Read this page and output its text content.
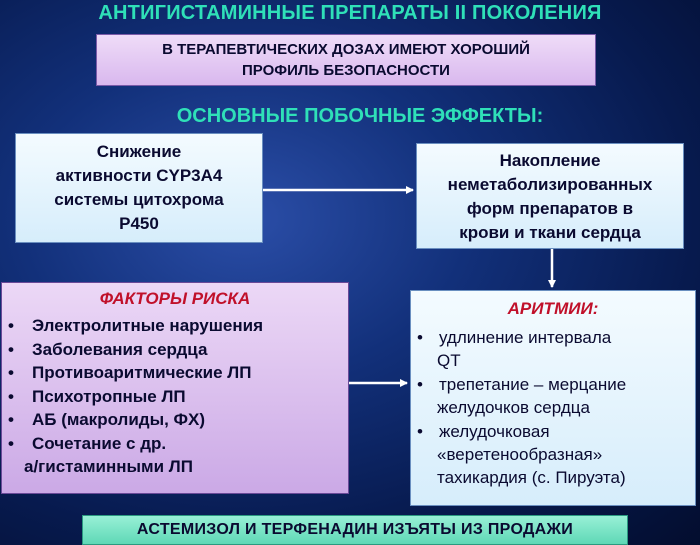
АНТИГИСТАМИННЫЕ ПРЕПАРАТЫ II ПОКОЛЕНИЯ
В ТЕРАПЕВТИЧЕСКИХ ДОЗАХ ИМЕЮТ ХОРОШИЙ
ПРОФИЛЬ БЕЗОПАСНОСТИ
ОСНОВНЫЕ ПОБОЧНЫЕ ЭФФЕКТЫ:
Снижение
активности CYP3A4
системы цитохрома
P450
Накопление
неметаболизированных
форм препаратов в
крови и ткани сердца
ФАКТОРЫ РИСКА
• Электролитные нарушения
• Заболевания сердца
• Противоаритмические ЛП
• Психотропные ЛП
• АБ (макролиды, ФХ)
• Сочетание с др.
а/гистаминными ЛП
АРИТМИИ:
• удлинение интервала
QT
• трепетание – мерцание
желудочков сердца
• желудочковая
«веретенообразная»
тахикардия (с. Пируэта)
АСТЕМИЗОЛ И ТЕРФЕНАДИН ИЗЪЯТЫ ИЗ ПРОДАЖИ
